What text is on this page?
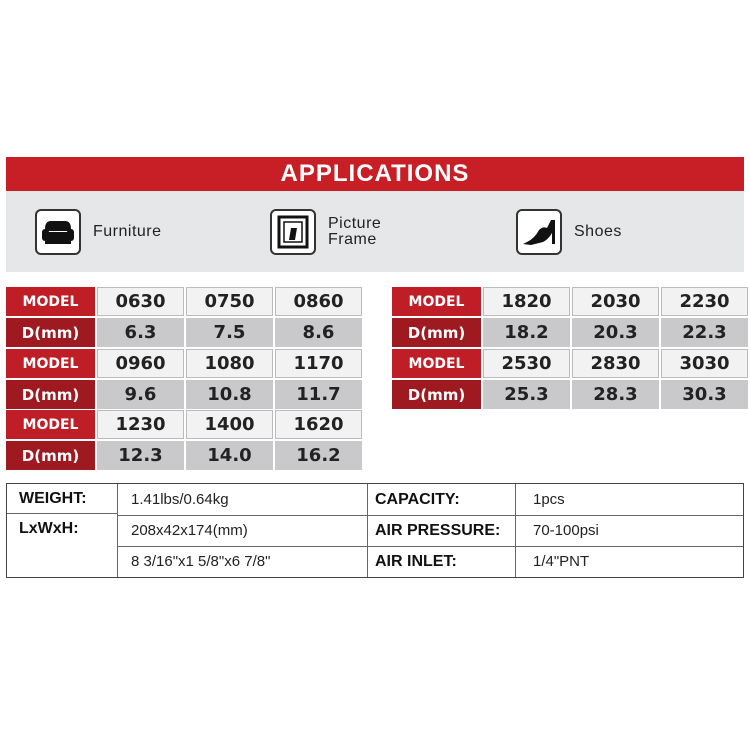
APPLICATIONS
Furniture	Picture
Frame	Shoes
MODEL	0630	0750	0860
D(mm)	6.3	7.5	8.6
MODEL	0960	1080	1170
D(mm)	9.6	10.8	11.7
MODEL	1230	1400	1620
D(mm)	12.3	14.0	16.2
MODEL	1820	2030	2230
D(mm)	18.2	20.3	22.3
MODEL	2530	2830	3030
D(mm)	25.3	28.3	30.3
WEIGHT:	1.41lbs/0.64kg
LxWxH:	208x42x174(mm)
8 3/16"x1 5/8"x6 7/8"
CAPACITY:	1pcs
AIR PRESSURE: 70-100psi
AIR INLET:	1/4"PNT
